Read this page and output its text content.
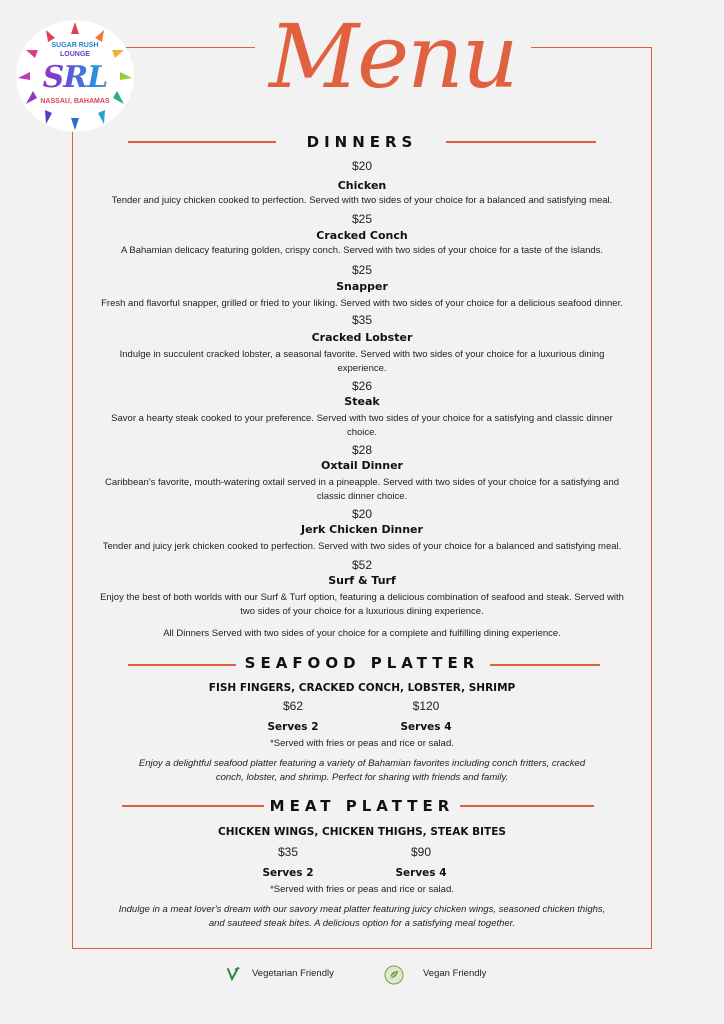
SUGAR RUSH
LOUNGE
SRL
NASSAU, BAHAMAS Menu
DINNERS
$20
Chicken
Tender and juicy chicken cooked to perfection. Served with two sides of your choice for a balanced and satisfying meal.
$25
Cracked Conch
A Bahamian delicacy featuring golden, crispy conch. Served with two sides of your choice for a taste of the islands.
$25
Snapper
Fresh and flavorful snapper, grilled or fried to your liking. Served with two sides of your choice for a delicious seafood dinner.
$35
Cracked Lobster
Indulge in succulent cracked lobster, a seasonal favorite. Served with two sides of your choice for a luxurious dining experience.
$26
Steak
Savor a hearty steak cooked to your preference. Served with two sides of your choice for a satisfying and classic dinner choice.
$28
Oxtail Dinner
Caribbean's favorite, mouth-watering oxtail served in a pineapple. Served with two sides of your choice for a satisfying and classic dinner choice.
$20
Jerk Chicken Dinner
Tender and juicy jerk chicken cooked to perfection. Served with two sides of your choice for a balanced and satisfying meal.
$52
Surf & Turf
Enjoy the best of both worlds with our Surf & Turf option, featuring a delicious combination of seafood and steak. Served with two sides of your choice for a luxurious dining experience.
All Dinners Served with two sides of your choice for a complete and fulfilling dining experience.
SEAFOOD PLATTER
FISH FINGERS, CRACKED CONCH, LOBSTER, SHRIMP
$62
Serves 2
$120
Serves 4
*Served with fries or peas and rice or salad.
Enjoy a delightful seafood platter featuring a variety of Bahamian favorites including conch fritters, cracked conch, lobster, and shrimp. Perfect for sharing with friends and family.
MEAT PLATTER
CHICKEN WINGS, CHICKEN THIGHS, STEAK BITES
$35
Serves 2
$90
Serves 4
*Served with fries or peas and rice or salad.
Indulge in a meat lover's dream with our savory meat platter featuring juicy chicken wings, seasoned chicken thighs, and sauteed steak bites. A delicious option for a satisfying meal together.
Vegetarian Friendly	Vegan Friendly
